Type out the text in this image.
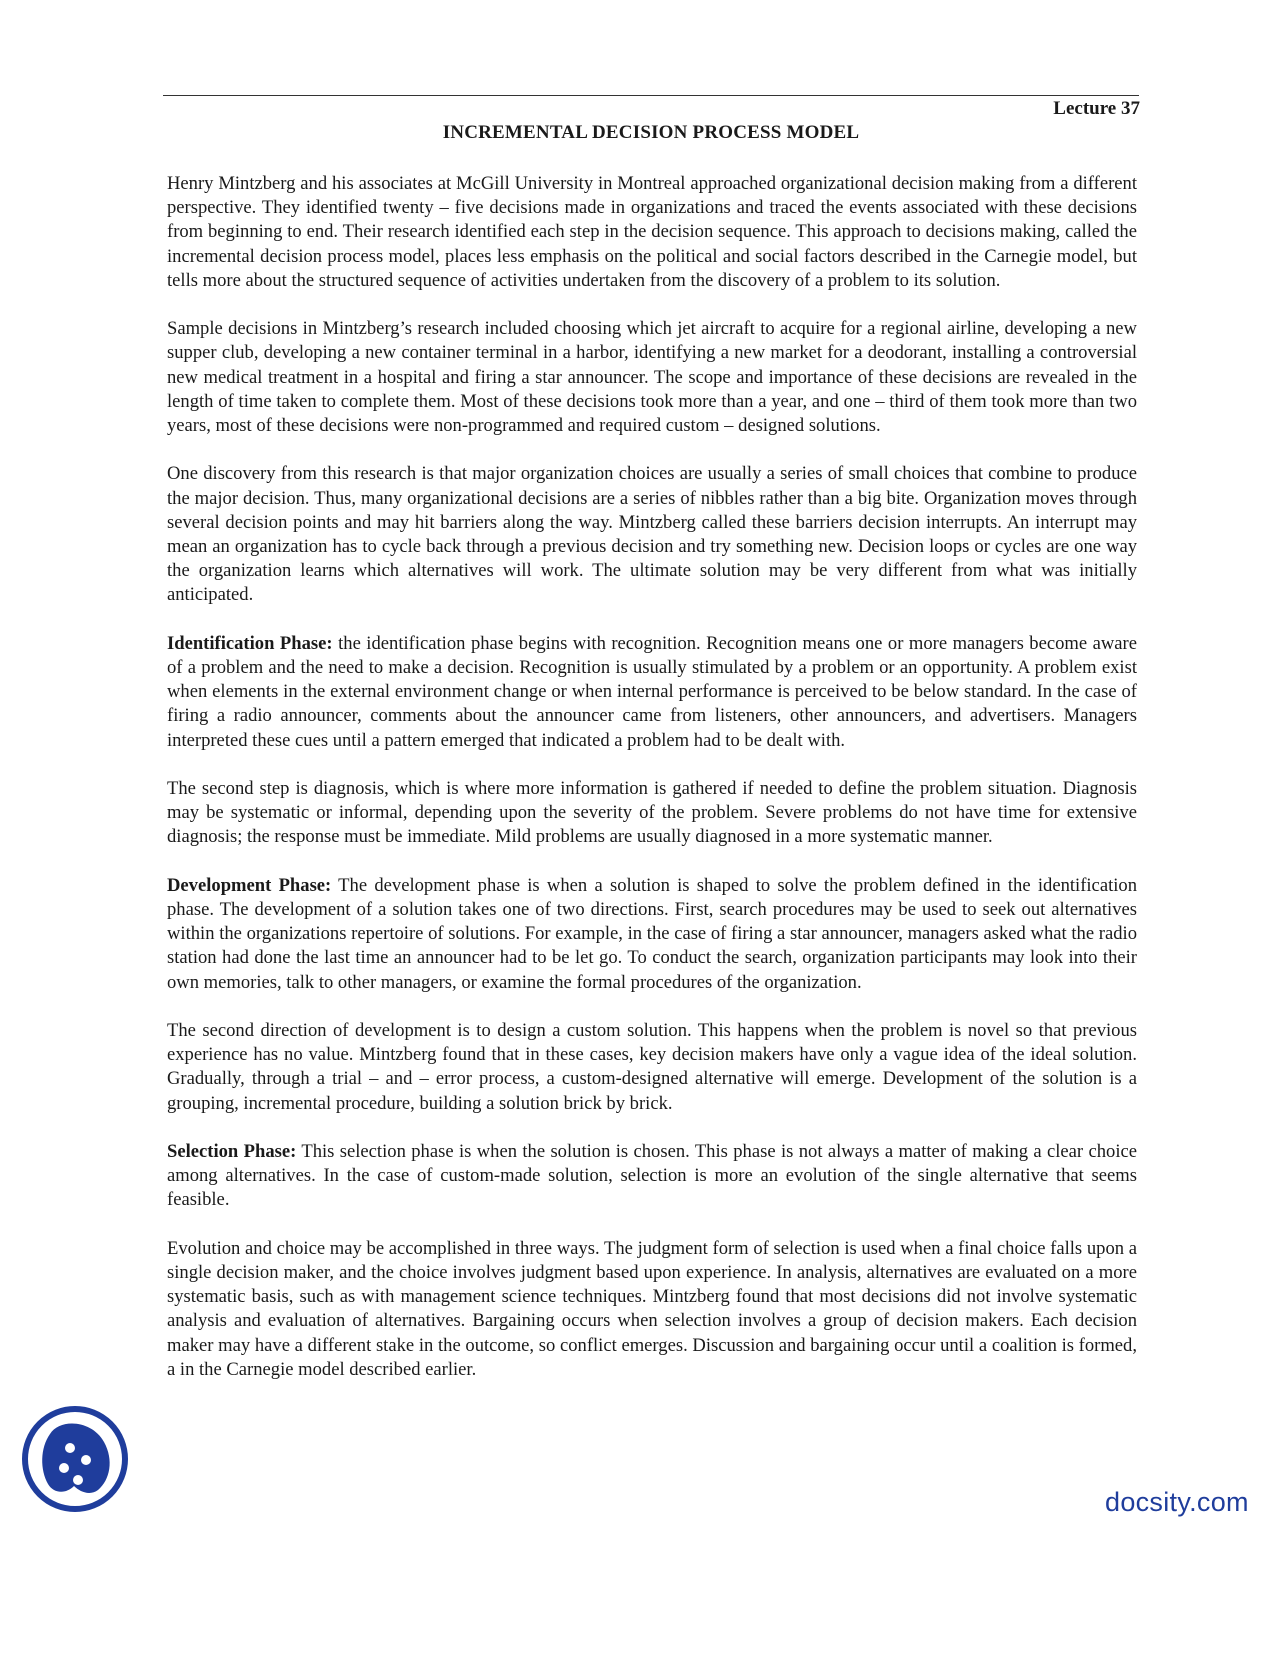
Lecture 37
INCREMENTAL DECISION PROCESS MODEL

Henry Mintzberg and his associates at McGill University in Montreal approached organizational decision making from a different perspective. They identified twenty – five decisions made in organizations and traced the events associated with these decisions from beginning to end. Their research identified each step in the decision sequence. This approach to decisions making, called the incremental decision process model, places less emphasis on the political and social factors described in the Carnegie model, but tells more about the structured sequence of activities undertaken from the discovery of a problem to its solution.

Sample decisions in Mintzberg’s research included choosing which jet aircraft to acquire for a regional airline, developing a new supper club, developing a new container terminal in a harbor, identifying a new market for a deodorant, installing a controversial new medical treatment in a hospital and firing a star announcer. The scope and importance of these decisions are revealed in the length of time taken to complete them. Most of these decisions took more than a year, and one – third of them took more than two years, most of these decisions were non-programmed and required custom – designed solutions.

One discovery from this research is that major organization choices are usually a series of small choices that combine to produce the major decision. Thus, many organizational decisions are a series of nibbles rather than a big bite. Organization moves through several decision points and may hit barriers along the way. Mintzberg called these barriers decision interrupts. An interrupt may mean an organization has to cycle back through a previous decision and try something new. Decision loops or cycles are one way the organization learns which alternatives will work. The ultimate solution may be very different from what was initially anticipated.

Identification Phase: the identification phase begins with recognition. Recognition means one or more managers become aware of a problem and the need to make a decision. Recognition is usually stimulated by a problem or an opportunity. A problem exist when elements in the external environment change or when internal performance is perceived to be below standard. In the case of firing a radio announcer, comments about the announcer came from listeners, other announcers, and advertisers. Managers interpreted these cues until a pattern emerged that indicated a problem had to be dealt with.

The second step is diagnosis, which is where more information is gathered if needed to define the problem situation. Diagnosis may be systematic or informal, depending upon the severity of the problem. Severe problems do not have time for extensive diagnosis; the response must be immediate. Mild problems are usually diagnosed in a more systematic manner.

Development Phase: The development phase is when a solution is shaped to solve the problem defined in the identification phase. The development of a solution takes one of two directions. First, search procedures may be used to seek out alternatives within the organizations repertoire of solutions. For example, in the case of firing a star announcer, managers asked what the radio station had done the last time an announcer had to be let go. To conduct the search, organization participants may look into their own memories, talk to other managers, or examine the formal procedures of the organization.

The second direction of development is to design a custom solution. This happens when the problem is novel so that previous experience has no value. Mintzberg found that in these cases, key decision makers have only a vague idea of the ideal solution. Gradually, through a trial – and – error process, a custom-designed alternative will emerge. Development of the solution is a grouping, incremental procedure, building a solution brick by brick.

Selection Phase: This selection phase is when the solution is chosen. This phase is not always a matter of making a clear choice among alternatives. In the case of custom-made solution, selection is more an evolution of the single alternative that seems feasible.

Evolution and choice may be accomplished in three ways. The judgment form of selection is used when a final choice falls upon a single decision maker, and the choice involves judgment based upon experience. In analysis, alternatives are evaluated on a more systematic basis, such as with management science techniques. Mintzberg found that most decisions did not involve systematic analysis and evaluation of alternatives. Bargaining occurs when selection involves a group of decision makers. Each decision maker may have a different stake in the outcome, so conflict emerges. Discussion and bargaining occur until a coalition is formed, a in the Carnegie model described earlier.

docsity.com
